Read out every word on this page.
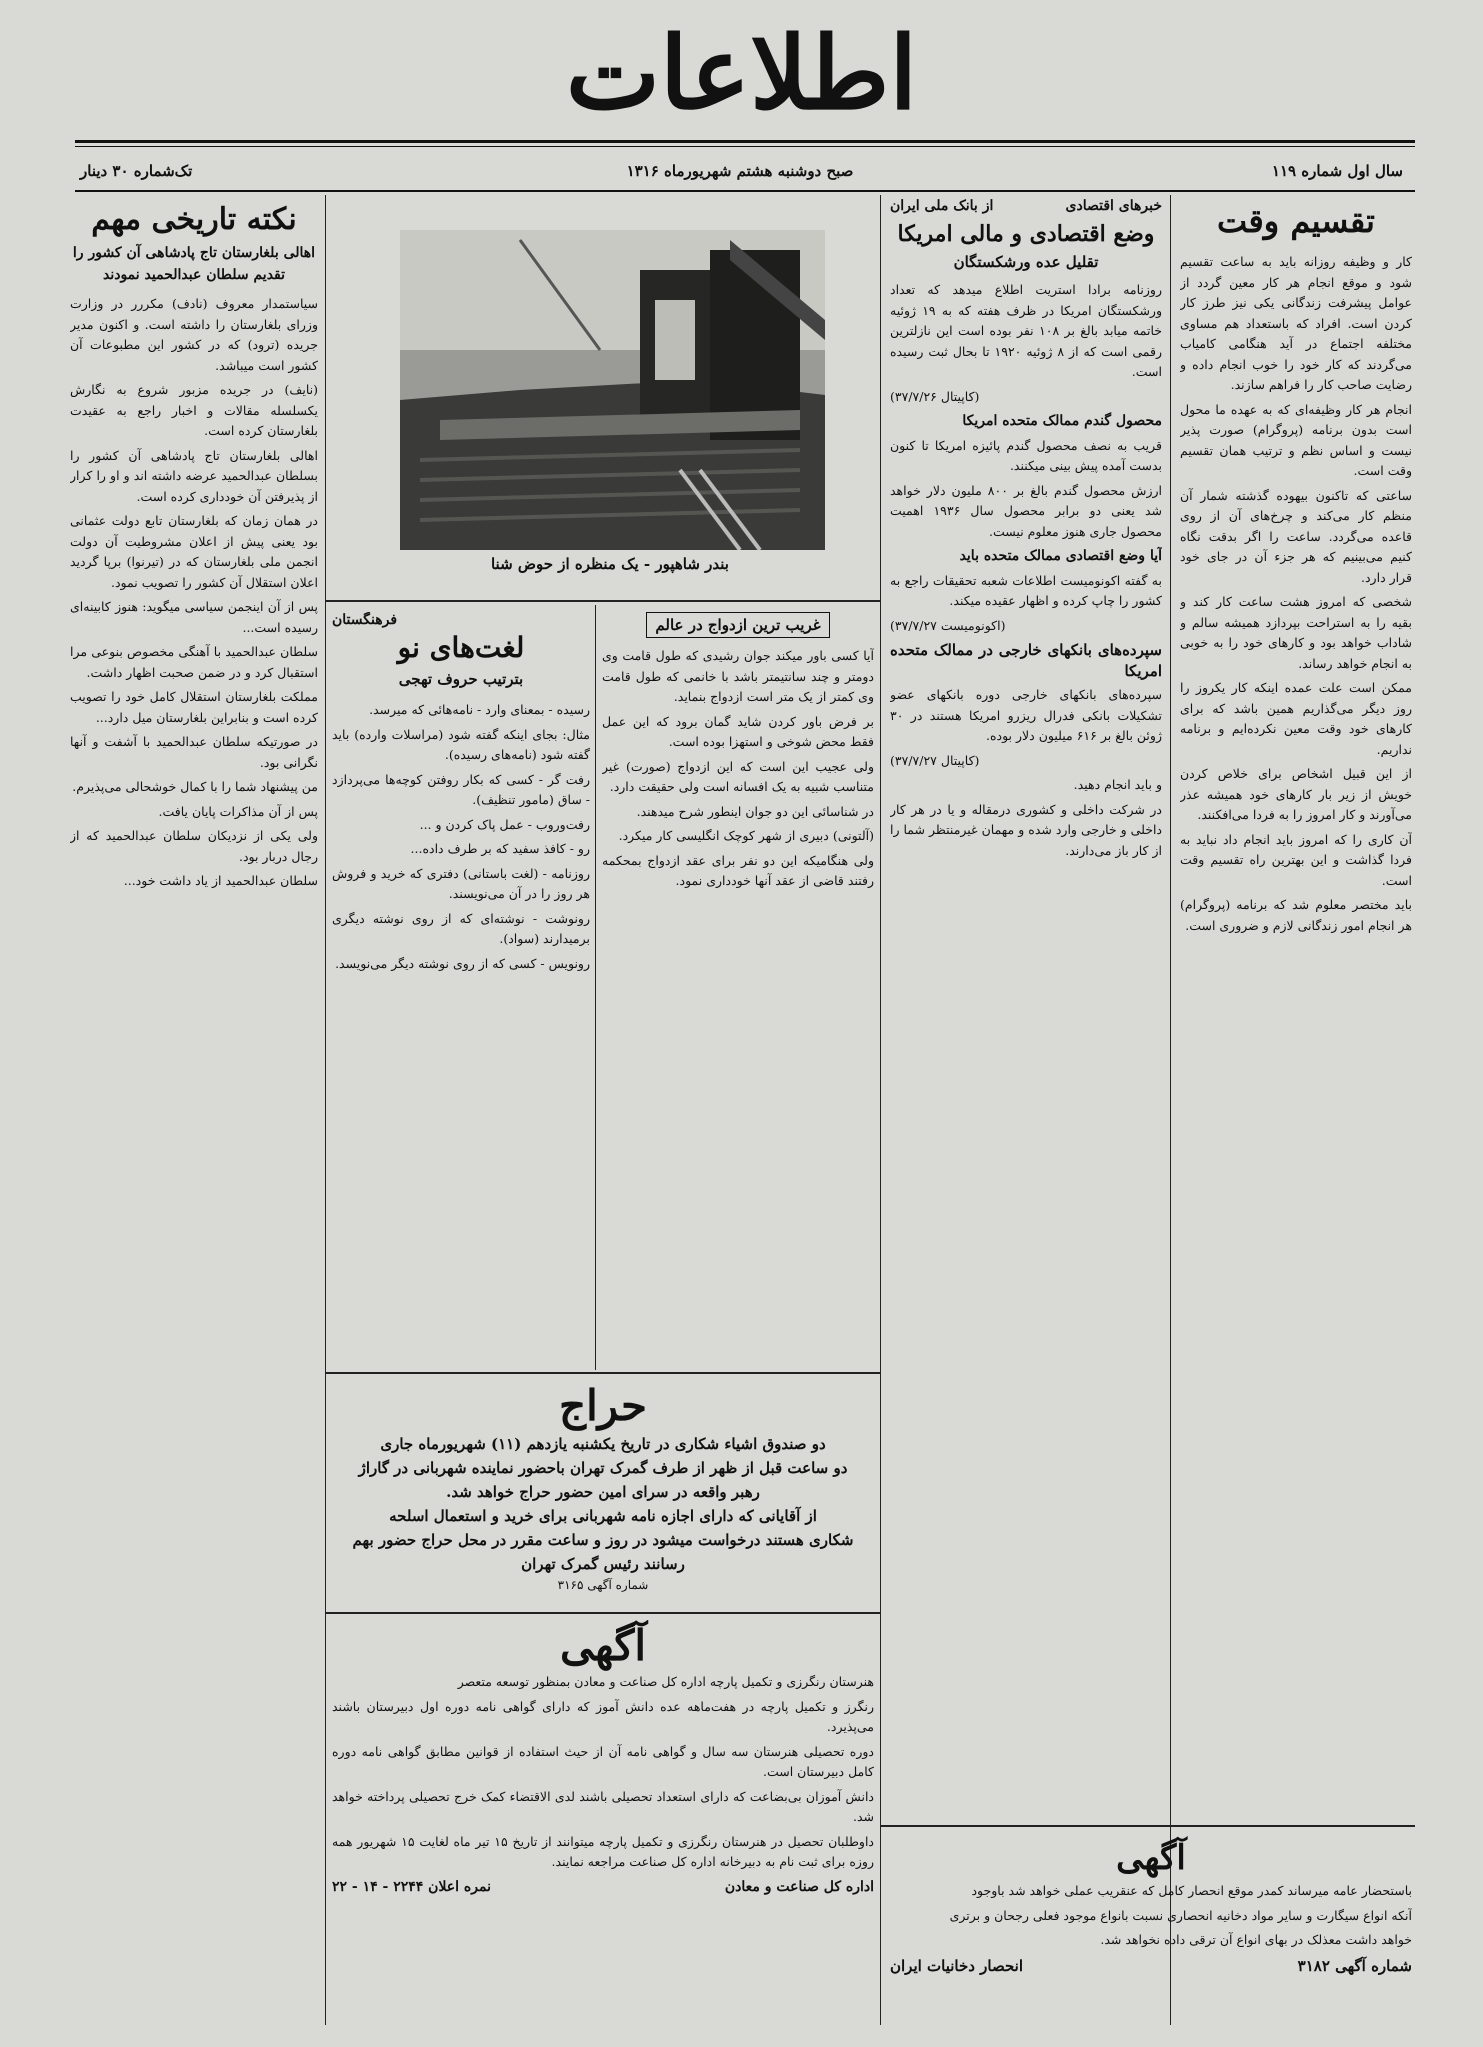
اطلاعات
سال اول شماره ۱۱۹
صبح دوشنبه هشتم شهریورماه ۱۳۱۶
تک‌شماره ۳۰ دینار
تقسیم وقت

کار و وظیفه روزانه باید به ساعت تقسیم شود و موقع انجام هر کار معین گردد از عوامل پیشرفت زندگانی یکی نیز طرز کار کردن است. افراد که باستعداد هم مساوی مختلفه اجتماع در آید هنگامی کامیاب می‌گردند که کار خود را خوب انجام داده و رضایت صاحب کار را فراهم سازند.

انجام هر کار وظیفه‌ای که به عهده ما محول است بدون برنامه (پروگرام) صورت پذیر نیست و اساس نظم و ترتیب همان تقسیم وقت است.

ساعتی که تاکنون بیهوده گذشته شمار آن منظم کار می‌کند و چرخ‌های آن از روی قاعده می‌گردد. ساعت را اگر بدقت نگاه کنیم می‌بینیم که هر جزء آن در جای خود قرار دارد.

شخصی که امروز هشت ساعت کار کند و بقیه را به استراحت بپردازد همیشه سالم و شاداب خواهد بود و کارهای خود را به خوبی به انجام خواهد رساند.

ممکن است علت عمده اینکه کار یکروز را روز دیگر می‌گذاریم همین باشد که برای کارهای خود وقت معین نکرده‌ایم و برنامه نداریم.

از این قبیل اشخاص برای خلاص کردن خویش از زیر بار کارهای خود همیشه عذر می‌آورند و کار امروز را به فردا می‌افکنند.

آن کاری را که امروز باید انجام داد نباید به فردا گذاشت و این بهترین راه تقسیم وقت است.

باید مختصر معلوم شد که برنامه (پروگرام) هر انجام امور زندگانی لازم و ضروری است.

خبرهای اقتصادی
از بانک ملی ایران
وضع اقتصادی و مالی امریکا
تقلیل عده ورشکستگان

روزنامه برادا استریت اطلاع میدهد که تعداد ورشکستگان امریکا در ظرف هفته که به ۱۹ ژوئیه خاتمه میابد بالغ بر ۱۰۸ نفر بوده است این نازلترین رقمی است که از ۸ ژوئیه ۱۹۲۰ تا بحال ثبت رسیده است.

(کاپیتال ۳۷/۷/۲۶)

محصول گندم ممالک متحده امریکا

قریب به نصف محصول گندم پائیزه امریکا تا کنون بدست آمده پیش بینی میکنند.

ارزش محصول گندم بالغ بر ۸۰۰ ملیون دلار خواهد شد یعنی دو برابر محصول سال ۱۹۳۶ اهمیت محصول جاری هنوز معلوم نیست.

آیا وضع اقتصادی ممالک متحده باید

به گفته اکونومیست اطلاعات شعبه تحقیقات راجع به کشور را چاپ کرده و اظهار عقیده میکند.

(اکونومیست ۳۷/۷/۲۷)

سپرده‌های بانکهای خارجی در ممالک متحده امریکا

سپرده‌های بانکهای خارجی دوره بانکهای عضو تشکیلات بانکی فدرال ریزرو امریکا هستند در ۳۰ ژوئن بالغ بر ۶۱۶ میلیون دلار بوده.

(کاپیتال ۳۷/۷/۲۷)

و باید انجام دهید.

در شرکت داخلی و کشوری درمقاله و یا در هر کار داخلی و خارجی وارد شده و مهمان غیرمنتظر شما را از کار باز می‌دارند.

نکته تاریخی مهم
اهالی بلغارستان تاج پادشاهی آن کشور را تقدیم سلطان عبدالحمید نمودند

سیاستمدار معروف (نادف) مکررر در وزارت وزرای بلغارستان را داشته است. و اکنون مدیر جریده (ترود) که در کشور این مطبوعات آن کشور است میباشد.

(نایف) در جریده مزبور شروع به نگارش یکسلسله مقالات و اخبار راجع به عقیدت بلغارستان کرده است.

اهالی بلغارستان تاج پادشاهی آن کشور را بسلطان عبدالحمید عرضه داشته اند و او را کرار از پذیرفتن آن خودداری کرده است.

در همان زمان که بلغارستان تابع دولت عثمانی بود یعنی پیش از اعلان مشروطیت آن دولت انجمن ملی بلغارستان که در (تیرنوا) برپا گردید اعلان استقلال آن کشور را تصویب نمود.

پس از آن اینجمن سیاسی میگوید: هنوز کابینه‌ای رسیده است...

سلطان عبدالحمید با آهنگی مخصوص بنوعی مرا استقبال کرد و در ضمن صحبت اظهار داشت.

مملکت بلغارستان استقلال کامل خود را تصویب کرده است و بنابراین بلغارستان میل دارد...

در صورتیکه سلطان عبدالحمید با آشفت و آنها نگرانی بود.

من پیشنهاد شما را با کمال خوشحالی می‌پذیرم.

پس از آن مذاکرات پایان یافت.

ولی یکی از نزدیکان سلطان عبدالحمید که از رجال دربار بود.

سلطان عبدالحمید از یاد داشت خود...

بندر شاهپور - یک منظره از حوض شنا
غریب ترین ازدواج در عالم

آیا کسی باور میکند جوان رشیدی که طول قامت وی دومتر و چند سانتیمتر باشد با خانمی که طول قامت وی کمتر از یک متر است ازدواج بنماید.

بر فرض باور کردن شاید گمان برود که این عمل فقط محض شوخی و استهزا بوده است.

ولی عجیب این است که این ازدواج (صورت) غیر متناسب شبیه به یک افسانه است ولی حقیقت دارد.

در شناسائی این دو جوان اینطور شرح میدهند.

(آلتونی) دبیری از شهر کوچک انگلیسی کار میکرد.

ولی هنگامیکه این دو نفر برای عقد ازدواج بمحکمه رفتند قاضی از عقد آنها خودداری نمود.

فرهنگستان
لغت‌های نو
بترتیب حروف تهجی

رسیده - بمعنای وارد - نامه‌هائی که میرسد.

مثال: بجای اینکه گفته شود (مراسلات وارده) باید گفته شود (نامه‌های رسیده).

رفت گر - کسی که بکار روفتن کوچه‌ها می‌پردازد - ساق (مامور تنظیف).

رفت‌وروب - عمل پاک کردن و ...

رو - کافذ سفید که بر طرف داده...

روزنامه - (لغت باستانی) دفتری که خرید و فروش هر روز را در آن می‌نویسند.

رونوشت - نوشته‌ای که از روی نوشته دیگری برمیدارند (سواد).

رونویس - کسی که از روی نوشته دیگر می‌نویسد.

حراج
دو صندوق اشیاء شکاری در تاریخ یکشنبه یازدهم (۱۱) شهریورماه جاری
دو ساعت قبل از ظهر از طرف گمرک تهران باحضور نماینده شهربانی در گاراژ
رهبر واقعه در سرای امین حضور حراج خواهد شد.
از آقایانی که دارای اجازه نامه شهربانی برای خرید و استعمال اسلحه
شکاری هستند درخواست میشود در روز و ساعت مقرر در محل حراج حضور بهم
رسانند رئیس گمرک تهران
شماره آگهی ۳۱۶۵
آگهی

هنرستان رنگرزی و تکمیل پارچه اداره کل صناعت و معادن بمنظور توسعه متعصر

رنگرز و تکمیل پارچه در هفت‌ماهه عده دانش آموز که دارای گواهی نامه دوره اول دبیرستان باشند می‌پذیرد.

دوره تحصیلی هنرستان سه سال و گواهی نامه آن از حیث استفاده از قوانین مطابق گواهی نامه دوره کامل دبیرستان است.

دانش آموزان بی‌بضاعت که دارای استعداد تحصیلی باشند لدی الاقتضاء کمک خرج تحصیلی پرداخته خواهد شد.

داوطلبان تحصیل در هنرستان رنگرزی و تکمیل پارچه میتوانند از تاریخ ۱۵ تیر ماه لغایت ۱۵ شهریور همه روزه برای ثبت نام به دبیرخانه اداره کل صناعت مراجعه نمایند.

اداره کل صناعت و معادن
نمره اعلان ۲۲۴۴ - ۱۴ - ۲۲
آگهی

باستحضار عامه میرساند کمدر موقع انحصار کامل که عنقریب عملی خواهد شد باوجود

آنکه انواع سیگارت و سایر مواد دخانیه انحصاری نسبت بانواع موجود فعلی رجحان و برتری

خواهد داشت معذلک در بهای انواع آن ترقی داده نخواهد شد.

شماره آگهی ۳۱۸۲
انحصار دخانیات ایران
